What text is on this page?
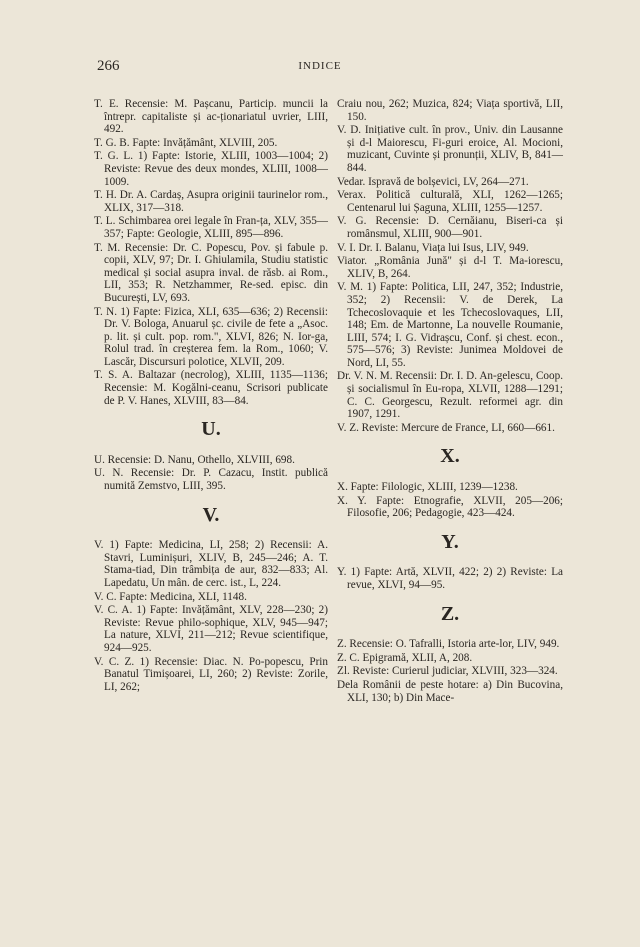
266	INDICE
T. E. Recensie: M. Pașcanu, Particip. muncii la întrepr. capitaliste și ac-ționariatul uvrier, LIII, 492.
T. G. B. Fapte: Invățământ, XLVIII, 205.
T. G. L. 1) Fapte: Istorie, XLIII, 1003—1004; 2) Reviste: Revue des deux mondes, XLIII, 1008—1009.
T. H. Dr. A. Cardaș, Asupra originii taurinelor rom., XLIX, 317—318.
T. L. Schimbarea orei legale în Fran-ța, XLV, 355—357; Fapte: Geologie, XLIII, 895—896.
T. M. Recensie: Dr. C. Popescu, Pov. și fabule p. copii, XLV, 97; Dr. I. Ghiulamila, Studiu statistic medical și social asupra inval. de răsb. ai Rom., LII, 353; R. Netzhammer, Re-sed. episc. din București, LV, 693.
T. N. 1) Fapte: Fizica, XLI, 635—636; 2) Recensii: Dr. V. Bologa, Anuarul șc. civile de fete a „Asoc. p. lit. și cult. pop. rom.", XLVI, 826; N. Ior-ga, Rolul trad. în creșterea fem. la Rom., 1060; V. Lascăr, Discursuri polotice, XLVII, 209.
T. S. A. Baltazar (necrolog), XLIII, 1135—1136; Recensie: M. Kogălni-ceanu, Scrisori publicate de P. V. Hanes, XLVIII, 83—84.
U.
U. Recensie: D. Nanu, Othello, XLVIII, 698.
U. N. Recensie: Dr. P. Cazacu, Instit. publică numită Zemstvo, LIII, 395.
V.
V. 1) Fapte: Medicina, LI, 258; 2) Recensii: A. Stavri, Luminișuri, XLIV, B, 245—246; A. T. Stama-tiad, Din trâmbița de aur, 832—833; Al. Lapedatu, Un mân. de cerc. ist., L, 224.
V. C. Fapte: Medicina, XLI, 1148.
V. C. A. 1) Fapte: Invățământ, XLV, 228—230; 2) Reviste: Revue philo-sophique, XLV, 945—947; La nature, XLVI, 211—212; Revue scientifique, 924—925.
V. C. Z. 1) Recensie: Diac. N. Po-popescu, Prin Banatul Timișoarei, LI, 260; 2) Reviste: Zorile, LI, 262;
Craiu nou, 262; Muzica, 824; Viața sportivă, LII, 150.
V. D. Inițiative cult. în prov., Univ. din Lausanne și d-l Maiorescu, Fi-guri eroice, Al. Mocioni, muzicant, Cuvinte și pronunții, XLIV, B, 841—844.
Vedar. Ispravă de bolșevici, LV, 264—271.
Verax. Politică culturală, XLI, 1262—1265; Centenarul lui Șaguna, XLIII, 1255—1257.
V. G. Recensie: D. Cernăianu, Biseri-ca și românsmul, XLIII, 900—901.
V. I. Dr. I. Balanu, Viața lui Isus, LIV, 949.
Viator. „România Jună" și d-l T. Ma-iorescu, XLIV, B, 264.
V. M. 1) Fapte: Politica, LII, 247, 352; Industrie, 352; 2) Recensii: V. de Derek, La Tchecoslovaquie et les Tchecoslovaques, LII, 148; Em. de Martonne, La nouvelle Roumanie, LIII, 574; I. G. Vidrașcu, Conf. și chest. econ., 575—576; 3) Reviste: Junimea Moldovei de Nord, LI, 55.
Dr. V. N. M. Recensii: Dr. I. D. An-gelescu, Coop. și socialismul în Eu-ropa, XLVII, 1288—1291; C. C. Georgescu, Rezult. reformei agr. din 1907, 1291.
V. Z. Reviste: Mercure de France, LI, 660—661.
X.
X. Fapte: Filologic, XLIII, 1239—1238.
X. Y. Fapte: Etnografie, XLVII, 205—206; Filosofie, 206; Pedagogie, 423—424.
Y.
Y. 1) Fapte: Artă, XLVII, 422; 2) 2) Reviste: La revue, XLVI, 94—95.
Z.
Z. Recensie: O. Tafralli, Istoria arte-lor, LIV, 949.
Z. C. Epigramă, XLII, A, 208.
Zl. Reviste: Curierul judiciar, XLVIII, 323—324.
Dela Românii de peste hotare: a) Din Bucovina, XLI, 130; b) Din Mace-
